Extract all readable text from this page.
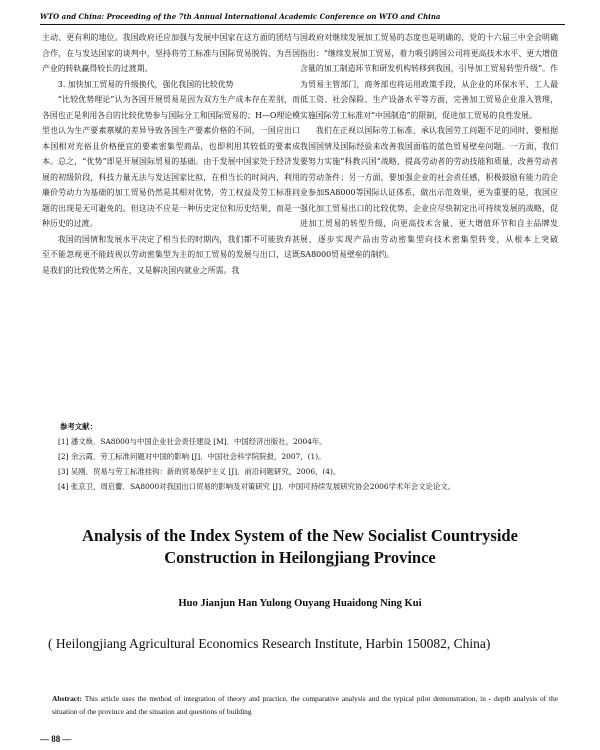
WTO and China: Proceeding of the 7th Annual International Academic Conference on WTO and China

主动、更有利的地位。我国政府还应加强与发展中国家在这方面的团结与合作，在与发达国家的谈判中，坚持将劳工标准与国际贸易脱钩，为吾国产业的转轨赢得较长的过渡期。

3. 加快加工贸易的升级换代，强化我国的比较优势

“比较优势理论”认为各国开展贸易是因为双方生产成本存在差别，而各国也正是利用各自的比较优势参与国际分工和国际贸易的；H—O理论模型也认为生产要素禀赋的差异导致各国生产要素价格的不同，一国应出口本国相对充裕且价格便宜的要素密集型商品，也即利用其较低的要素成本。总之，“优势”即是开展国际贸易的基础。由于发展中国家处于经济发展的初级阶段，科技力量无法与发达国家比拟，在相当长的时间内，利用廉价劳动力为基础的加工贸易仍然是其相对优势，劳工权益及劳工标准问题的出现是无可避免的。但这决不应是一种历史定位和历史结果，而是一种历史的过渡。

我国的国情和发展水平决定了相当长的时期内，我们都不可能放弃甚至不能忽视更不能歧视以劳动密集型为主的加工贸易的发展与出口，这既是我们的比较优势之所在，又是解决国内就业之所需。我

国政府对继续发展加工贸易的态度也是明确的，党的十六届三中全会明确指出：“继续发展加工贸易，着力吸引跨国公司将更高技术水平、更大增值含量的加工制造环节和研发机构转移到我国，引导加工贸易转型升级”。作为贸易主管部门，商务部也将运用政策手段，从企业的环保水平、工人最低工资、社会保险、生产设备水平等方面，完善加工贸易企业准入管理，实施国际劳工标准对“中国制造”的限制，促进加工贸易的良性发展。

我们在正视以国际劳工标准、承认我国劳工问题不足的同时，要根据我国国情及国际经验来改善我国面临的蓝色贸易壁垒问题。一方面，我们要努力实施“科教兴国”战略，提高劳动者的劳动技能和质量，改善劳动者的劳动条件；另一方面，要加强企业的社会责任感，积极鼓励有能力的企业参加SA8000等国际认证体系，做出示范效果，更为重要的是，我国应强化加工贸易出口的比较优势，企业应尽快制定出可持续发展的战略，促进加工贸易的转型升级，向更高技术含量、更大增值环节和自主品牌发展，逐步实现产品由劳动密集型向技术密集型转变，从根本上突破SA8000贸易壁垒的制约。

参考文献：

[1] 潘文焕．SA8000与中国企业社会责任建设 [M]．中国经济出版社，2004年。

[2] 余云霞．劳工标准问题对中国的影响 [J]．中国社会科学院院报，2007，(1)。

[3] 吴刚．贸易与劳工标准挂钩：新的贸易保护主义 [J]．前沿问题研究，2006，(4)。

[4] 张京卫，周启鳌．SA8000对我国出口贸易的影响及对策研究 [J]．中国可持续发展研究协会2006学术年会文论论文。

Analysis of the Index System of the New Socialist Countryside Construction in Heilongjiang Province
Huo Jianjun Han Yulong Ouyang Huaidong Ning Kui
( Heilongjiang Agricultural Economics Research Institute, Harbin 150082, China)
Abstract: This article uses the method of integration of theory and practice, the comparative analysis and the typical pilot demonstration, in - depth analysis of the situation of the province and the situation and questions of building
— 88 —
